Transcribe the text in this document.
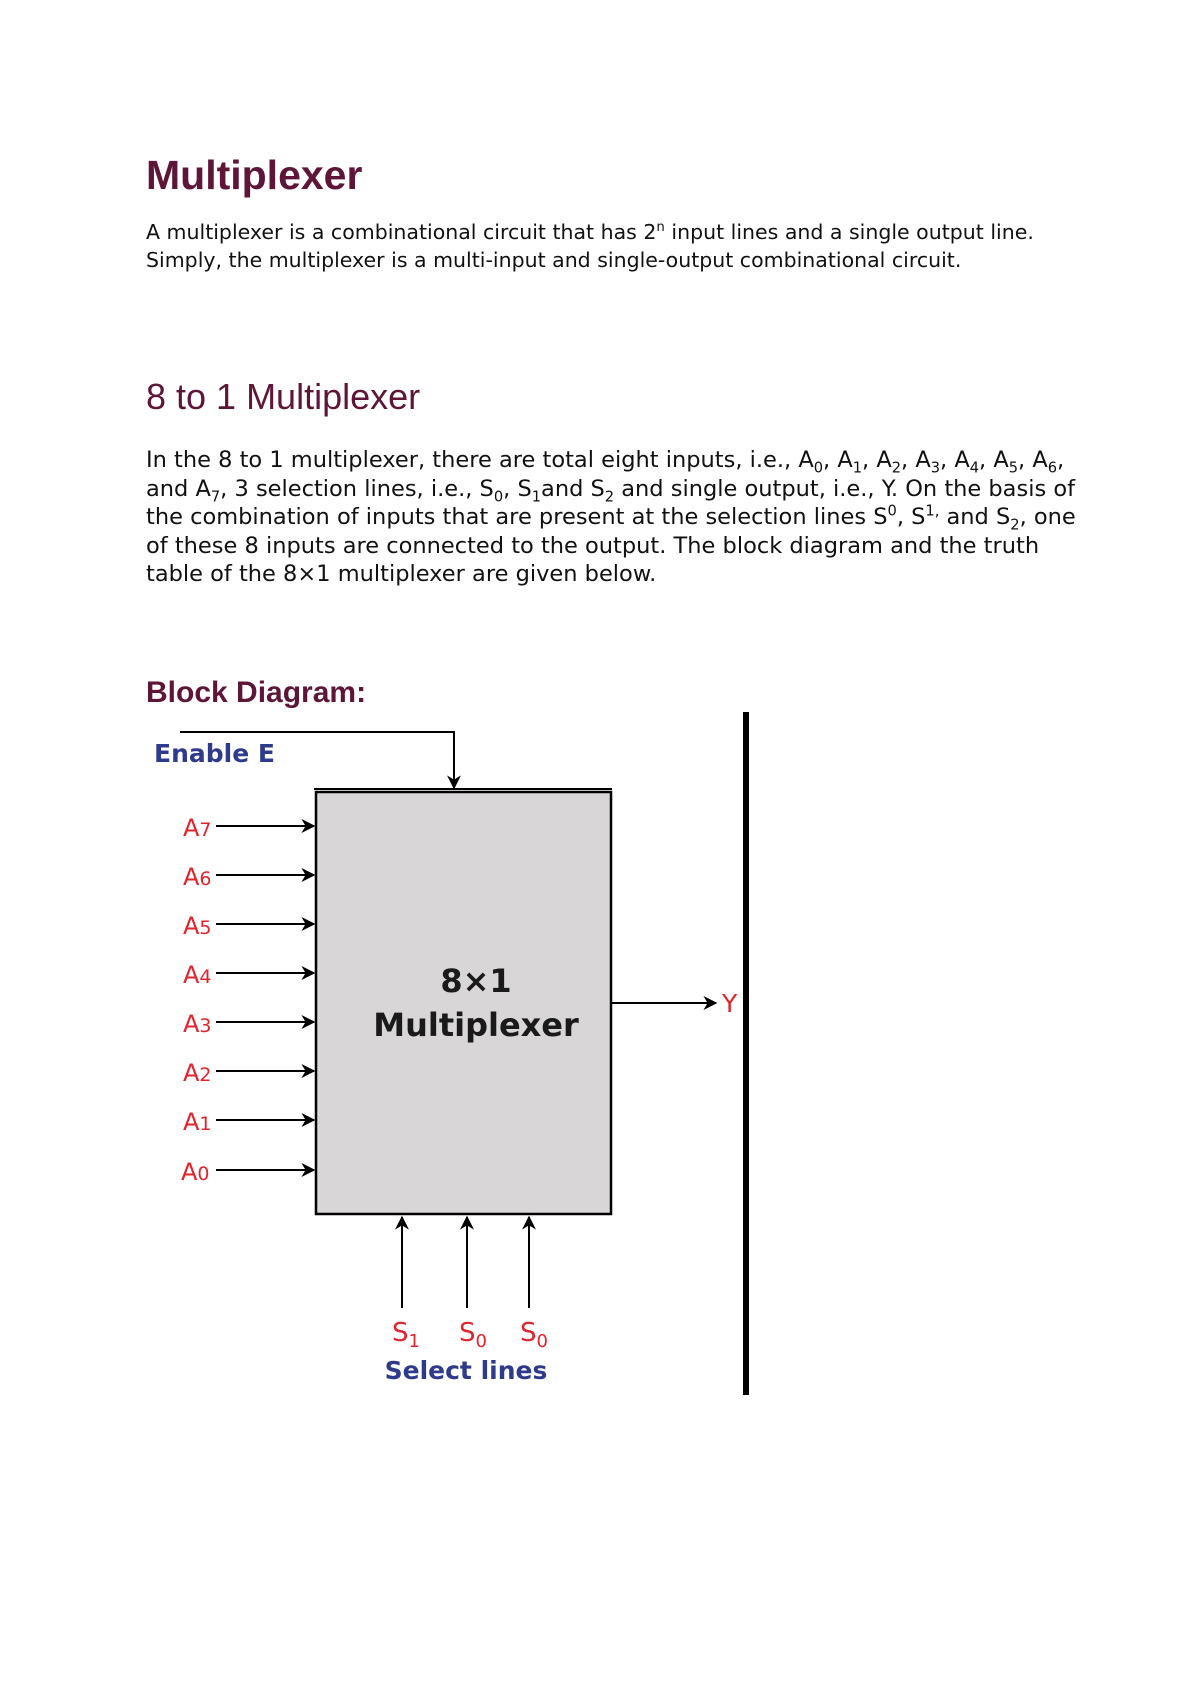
Multiplexer

A multiplexer is a combinational circuit that has 2$^n$ input lines and a single output line. Simply, the multiplexer is a multi-input and single-output combinational circuit.

8 to 1 Multiplexer

In the 8 to 1 multiplexer, there are total eight inputs, i.e., $A_0$, $A_1$, $A_2$, $A_3$, $A_4$, $A_5$, $A_6$, and $A_7$, 3 selection lines, i.e., $S_0$, $S_1and$ $S_2$ and single output, i.e., Y. On the basis of the combination of inputs that are present at the selection lines $S^0$, $S^{1,}$ and $S_2$, one of these 8 inputs are connected to the output. The block diagram and the truth table of the 8×1 multiplexer are given below.

Block Diagram:
Enable E
8×1
Multiplexer
Y
A7
A6
A5
A4
A3
A2
A1
A0
$S_1$ $S_0$ $S_0$
Select lines
